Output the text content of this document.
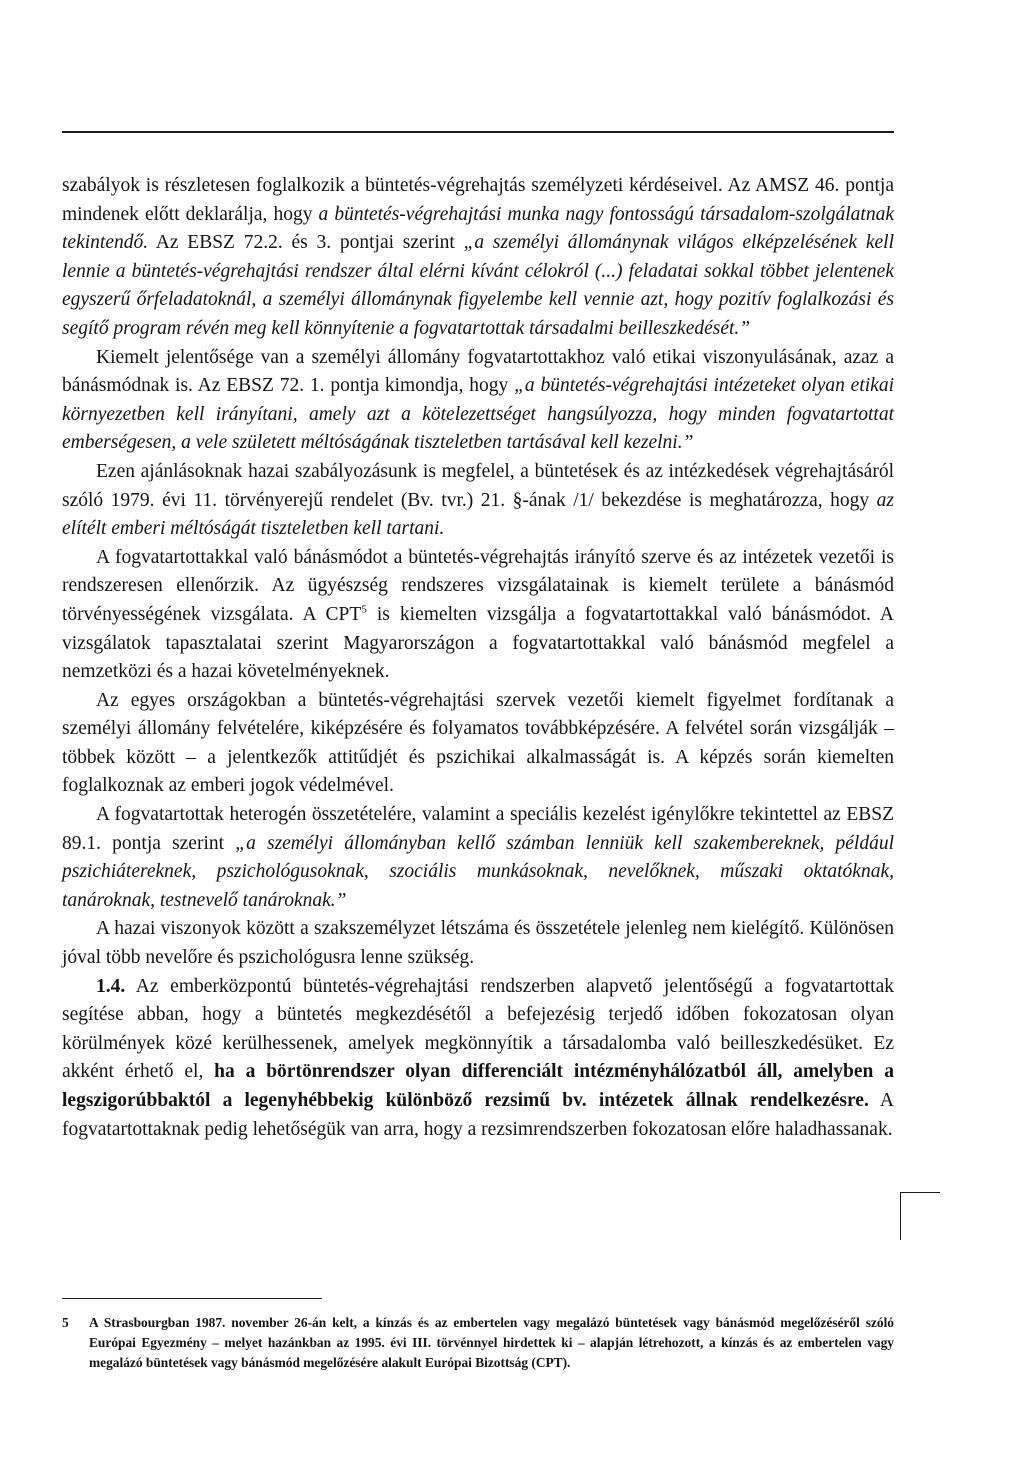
szabályok is részletesen foglalkozik a büntetés-végrehajtás személyzeti kérdéseivel. Az AMSZ 46. pontja mindenek előtt deklarálja, hogy a büntetés-végrehajtási munka nagy fontosságú társadalom-szolgálatnak tekintendő. Az EBSZ 72.2. és 3. pontjai szerint „a személyi állománynak világos elképzelésének kell lennie a büntetés-végrehajtási rendszer által elérni kívánt célokról (...) feladatai sokkal többet jelentenek egyszerű őrfeladatoknál, a személyi állománynak figyelembe kell vennie azt, hogy pozitív foglalkozási és segítő program révén meg kell könnyítenie a fogvatartottak társadalmi beilleszkedését.”

Kiemelt jelentősége van a személyi állomány fogvatartottakhoz való etikai viszonyulásának, azaz a bánásmódnak is. Az EBSZ 72. 1. pontja kimondja, hogy „a büntetés-végrehajtási intézeteket olyan etikai környezetben kell irányítani, amely azt a kötelezettséget hangsúlyozza, hogy minden fogvatartottat emberségesen, a vele született méltóságának tiszteletben tartásával kell kezelni.”

Ezen ajánlásoknak hazai szabályozásunk is megfelel, a büntetések és az intézkedések végrehajtásáról szóló 1979. évi 11. törvényerejű rendelet (Bv. tvr.) 21. §-ának /1/ bekezdése is meghatározza, hogy az elítélt emberi méltóságát tiszteletben kell tartani.

A fogvatartottakkal való bánásmódot a büntetés-végrehajtás irányító szerve és az intézetek vezetői is rendszeresen ellenőrzik. Az ügyészség rendszeres vizsgálatainak is kiemelt területe a bánásmód törvényességének vizsgálata. A CPT$^5$ is kiemelten vizsgálja a fogvatartottakkal való bánásmódot. A vizsgálatok tapasztalatai szerint Magyarországon a fogvatartottakkal való bánásmód megfelel a nemzetközi és a hazai követelményeknek.

Az egyes országokban a büntetés-végrehajtási szervek vezetői kiemelt figyelmet fordítanak a személyi állomány felvételére, kiképzésére és folyamatos továbbképzésére. A felvétel során vizsgálják – többek között – a jelentkezők attitűdjét és pszichikai alkalmasságát is. A képzés során kiemelten foglalkoznak az emberi jogok védelmével.

A fogvatartottak heterogén összetételére, valamint a speciális kezelést igénylőkre tekintettel az EBSZ 89.1. pontja szerint „a személyi állományban kellő számban lenniük kell szakembereknek, például pszichiátereknek, pszichológusoknak, szociális munkásoknak, nevelőknek, műszaki oktatóknak, tanároknak, testnevelő tanároknak.”

A hazai viszonyok között a szakszemélyzet létszáma és összetétele jelenleg nem kielégítő. Különösen jóval több nevelőre és pszichológusra lenne szükség.

1.4. Az emberközpontú büntetés-végrehajtási rendszerben alapvető jelentőségű a fogvatartottak segítése abban, hogy a büntetés megkezdésétől a befejezésig terjedő időben fokozatosan olyan körülmények közé kerülhessenek, amelyek megkönnyítik a társadalomba való beilleszkedésüket. Ez akként érhető el, ha a börtönrendszer olyan differenciált intézményhálózatból áll, amelyben a legszigorúbbaktól a legenyhébbekig különböző rezsimű bv. intézetek állnak rendelkezésre. A fogvatartottaknak pedig lehetőségük van arra, hogy a rezsimrendszerben fokozatosan előre haladhassanak.

5 A Strasbourgban 1987. november 26-án kelt, a kínzás és az embertelen vagy megalázó büntetések vagy bánásmód megelőzéséről szóló Európai Egyezmény – melyet hazánkban az 1995. évi III. törvénnyel hirdettek ki – alapján létrehozott, a kínzás és az embertelen vagy megalázó büntetések vagy bánásmód megelőzésére alakult Európai Bizottság (CPT).
